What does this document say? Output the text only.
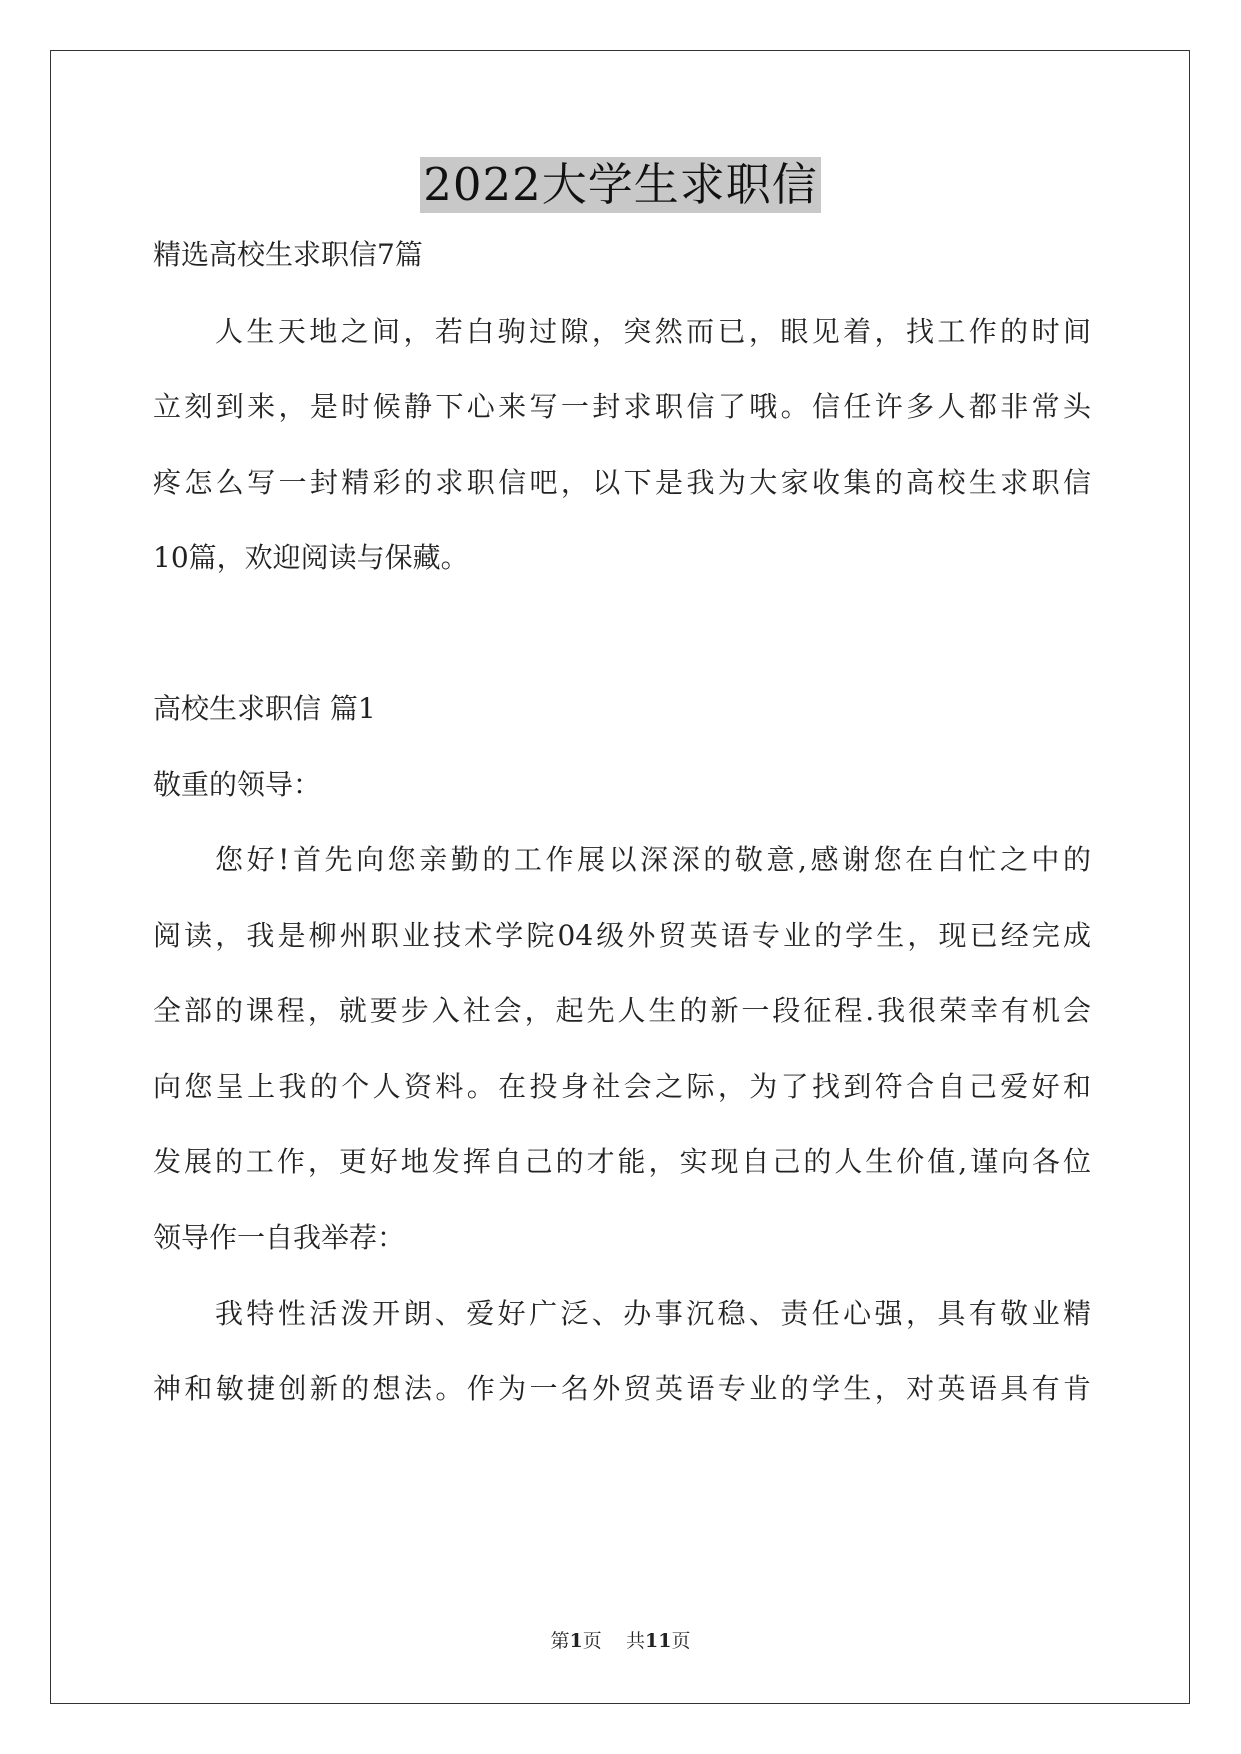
2022大学生求职信
精选高校生求职信7篇
人生天地之间，若白驹过隙，突然而已，眼见着，找工作的时间
立刻到来，是时候静下心来写一封求职信了哦。信任许多人都非常头
疼怎么写一封精彩的求职信吧，以下是我为大家收集的高校生求职信
10篇，欢迎阅读与保藏。
高校生求职信 篇1
敬重的领导：
您好!首先向您亲勤的工作展以深深的敬意,感谢您在白忙之中的
阅读，我是柳州职业技术学院04级外贸英语专业的学生，现已经完成
全部的课程，就要步入社会，起先人生的新一段征程.我很荣幸有机会
向您呈上我的个人资料。在投身社会之际，为了找到符合自己爱好和
发展的工作，更好地发挥自己的才能，实现自己的人生价值,谨向各位
领导作一自我举荐：
我特性活泼开朗、爱好广泛、办事沉稳、责任心强，具有敬业精
神和敏捷创新的想法。作为一名外贸英语专业的学生，对英语具有肯
第1页 共11页
